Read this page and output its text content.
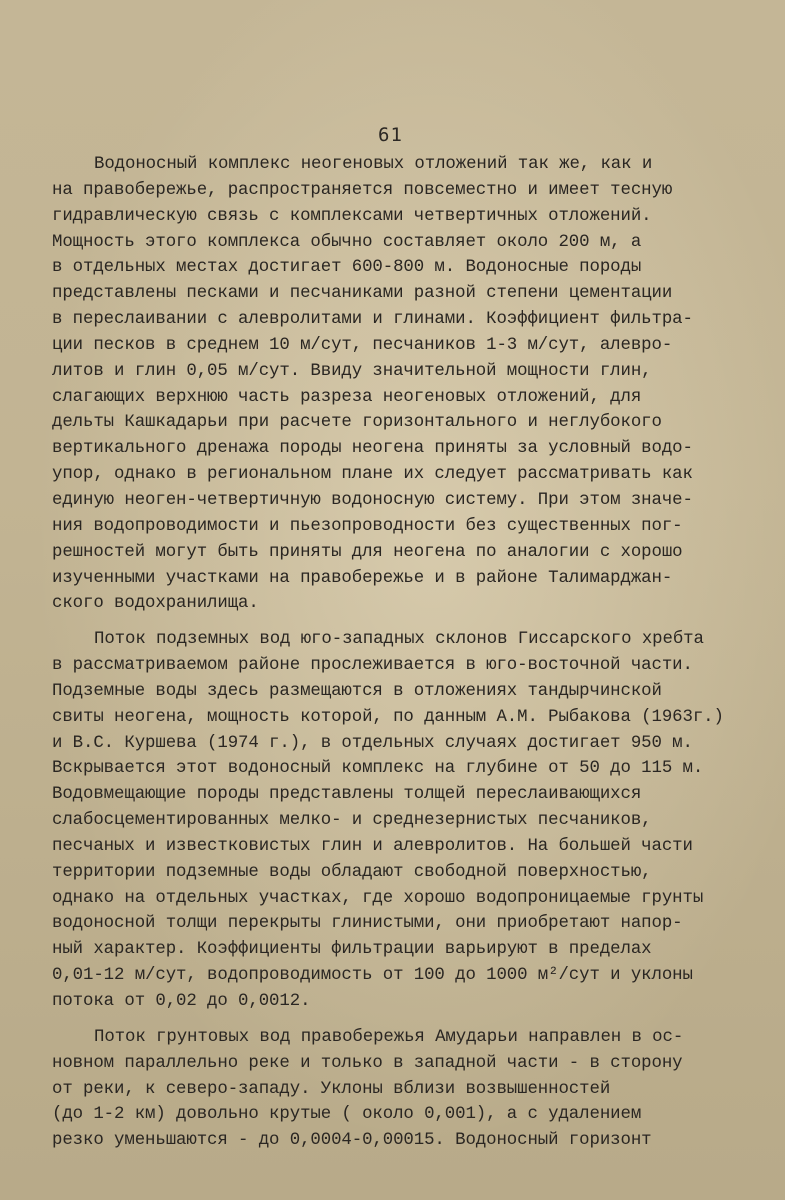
61
Водоносный комплекс неогеновых отложений так же, как и
на правобережье, распространяется повсеместно и имеет тесную
гидравлическую связь с комплексами четвертичных отложений.
Мощность этого комплекса обычно составляет около 200 м, а
в отдельных местах достигает 600-800 м. Водоносные породы
представлены песками и песчаниками разной степени цементации
в переслаивании с алевролитами и глинами. Коэффициент фильтра-
ции песков в среднем 10 м/сут, песчаников 1-3 м/сут, алевро-
литов и глин 0,05 м/сут. Ввиду значительной мощности глин,
слагающих верхнюю часть разреза неогеновых отложений, для
дельты Кашкадарьи при расчете горизонтального и неглубокого
вертикального дренажа породы неогена приняты за условный водо-
упор, однако в региональном плане их следует рассматривать как
единую неоген-четвертичную водоносную систему. При этом значе-
ния водопроводимости и пьезопроводности без существенных пог-
решностей могут быть приняты для неогена по аналогии с хорошо
изученными участками на правобережье и в районе Талимарджан-
ского водохранилища.
Поток подземных вод юго-западных склонов Гиссарского хребта
в рассматриваемом районе прослеживается в юго-восточной части.
Подземные воды здесь размещаются в отложениях тандырчинской
свиты неогена, мощность которой, по данным А.М. Рыбакова (1963г.)
и В.С. Куршева (1974 г.), в отдельных случаях достигает 950 м.
Вскрывается этот водоносный комплекс на глубине от 50 до 115 м.
Водовмещающие породы представлены толщей переслаивающихся
слабосцементированных мелко- и среднезернистых песчаников,
песчаных и известковистых глин и алевролитов. На большей части
территории подземные воды обладают свободной поверхностью,
однако на отдельных участках, где хорошо водопроницаемые грунты
водоносной толщи перекрыты глинистыми, они приобретают напор-
ный характер. Коэффициенты фильтрации варьируют в пределах
0,01-12 м/сут, водопроводимость от 100 до 1000 м²/сут и уклоны
потока от 0,02 до 0,0012.
Поток грунтовых вод правобережья Амударьи направлен в ос-
новном параллельно реке и только в западной части - в сторону
от реки, к северо-западу. Уклоны вблизи возвышенностей
(до 1-2 км) довольно крутые ( около 0,001), а с удалением
резко уменьшаются - до 0,0004-0,00015. Водоносный горизонт
